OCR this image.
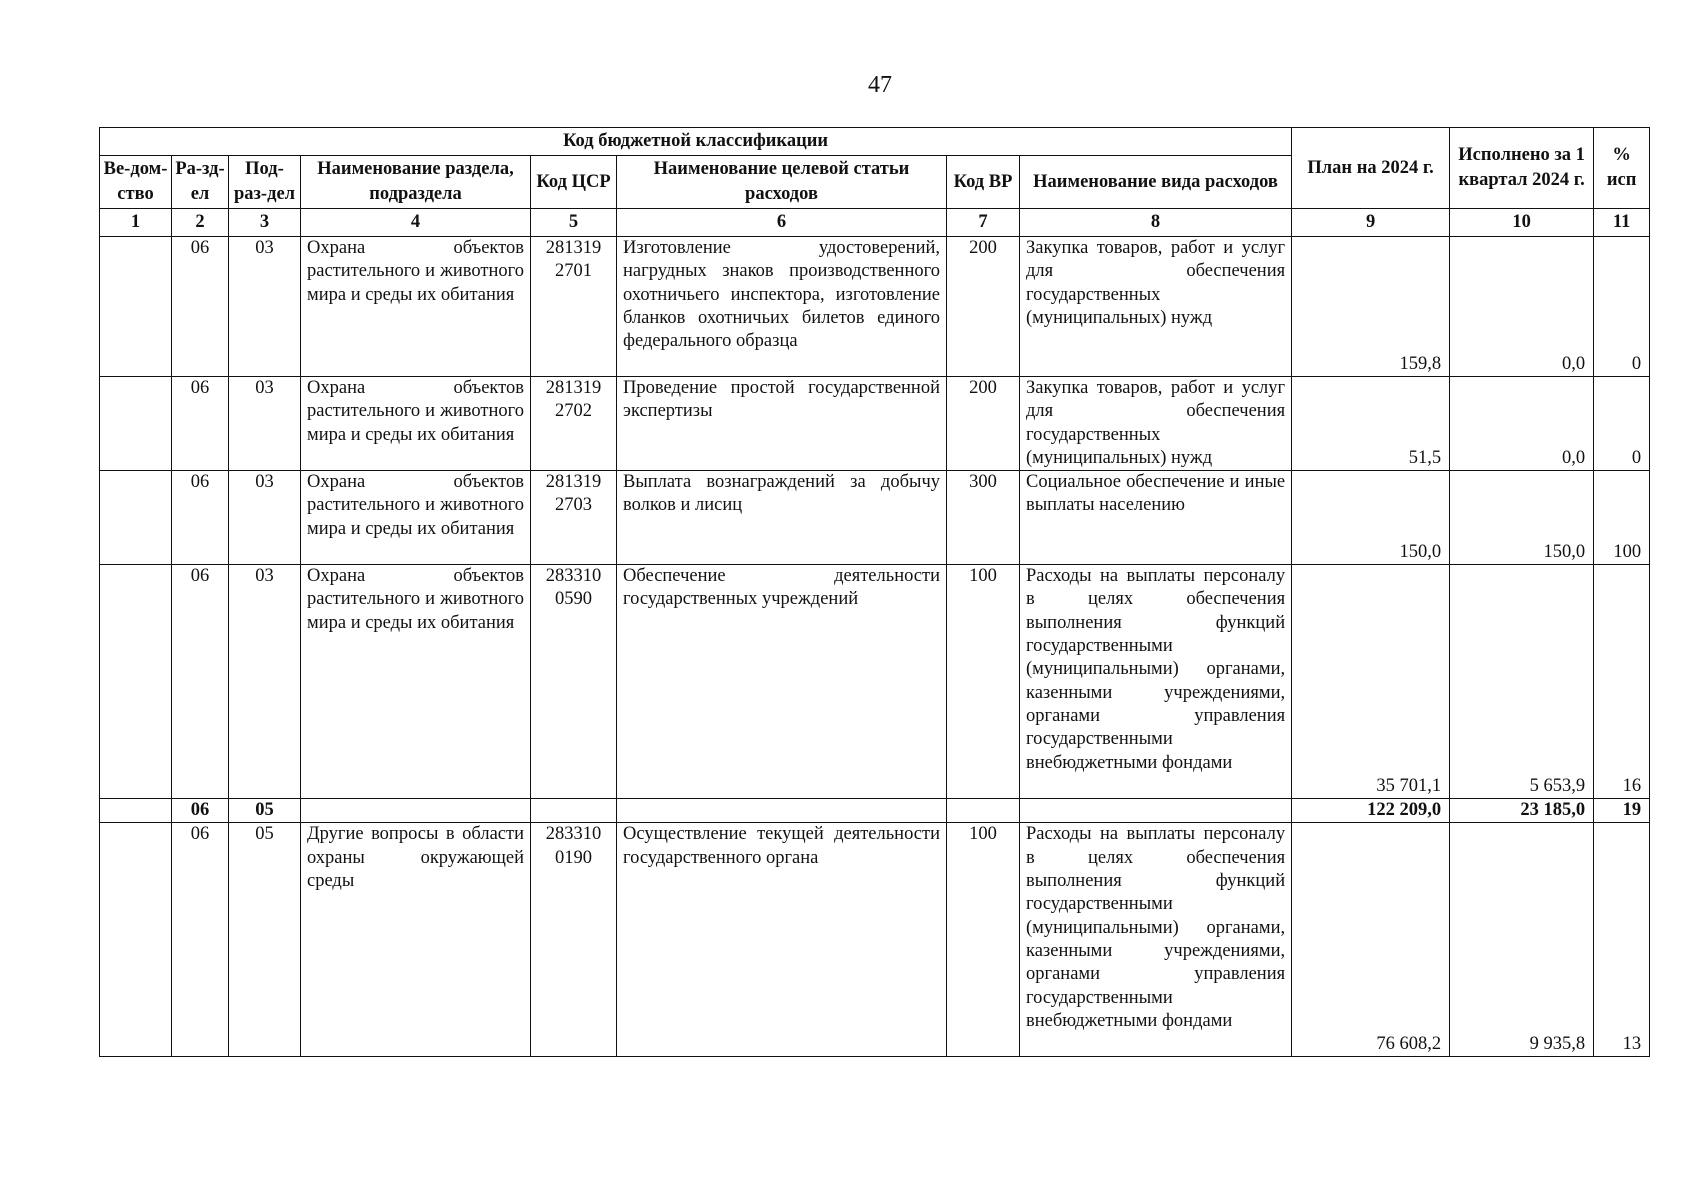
47
Код бюджетной классификации								План на 2024 г.	Исполнено за 1 квартал 2024 г.	% исп
Ве-дом-ство	Ра-зд-ел	Под-раз-дел	Наименование раздела, подраздела	Код ЦСР	Наименование целевой статьи расходов	Код ВР	Наименование вида расходов			
1	2	3	4	5	6	7	8	9	10	11
	06	03	Охрана объектов растительного и животного мира и среды их обитания	281319 2701	Изготовление удостоверений, нагрудных знаков производственного охотничьего инспектора, изготовление бланков охотничьих билетов единого федерального образца	200	Закупка товаров, работ и услуг для обеспечения государственных (муниципальных) нужд	159,8	0,0	0
	06	03	Охрана объектов растительного и животного мира и среды их обитания	281319 2702	Проведение простой государственной экспертизы	200	Закупка товаров, работ и услуг для обеспечения государственных (муниципальных) нужд	51,5	0,0	0
	06	03	Охрана объектов растительного и животного мира и среды их обитания	281319 2703	Выплата вознаграждений за добычу волков и лисиц	300	Социальное обеспечение и иные выплаты населению	150,0	150,0	100
	06	03	Охрана объектов растительного и животного мира и среды их обитания	283310 0590	Обеспечение деятельности государственных учреждений	100	Расходы на выплаты персоналу в целях обеспечения выполнения функций государственными (муниципальными) органами, казенными учреждениями, органами управления государственными внебюджетными фондами	35 701,1	5 653,9	16
	06	05						122 209,0	23 185,0	19
	06	05	Другие вопросы в области охраны окружающей среды	283310 0190	Осуществление текущей деятельности государственного органа	100	Расходы на выплаты персоналу в целях обеспечения выполнения функций государственными (муниципальными) органами, казенными учреждениями, органами управления государственными внебюджетными фондами	76 608,2	9 935,8	13
